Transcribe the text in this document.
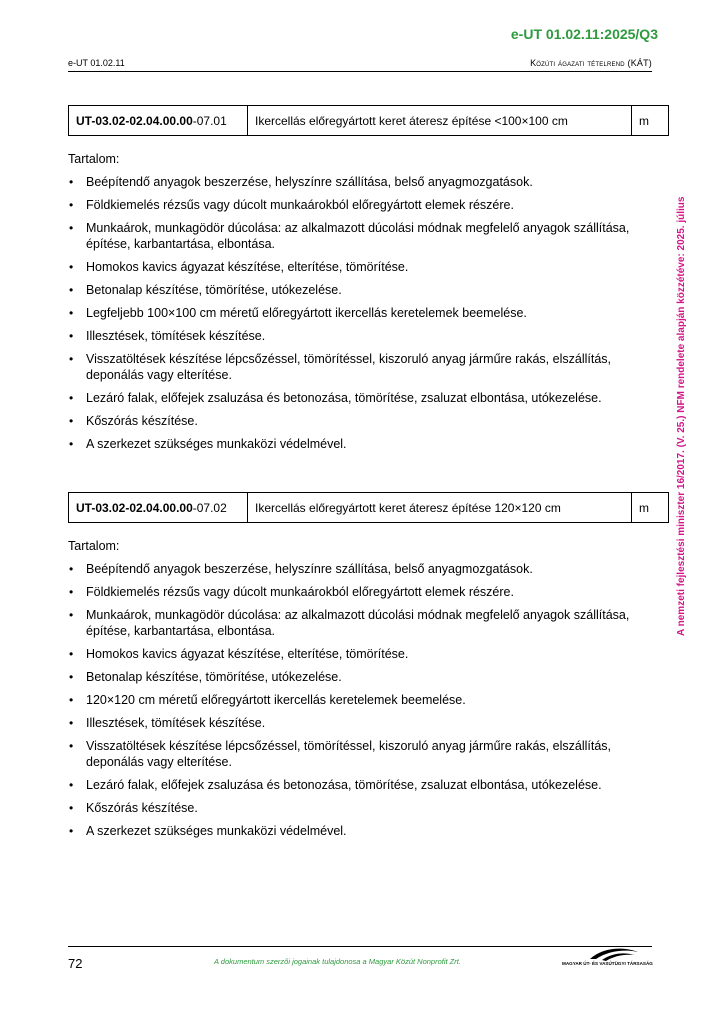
e-UT 01.02.11:2025/Q3
e-UT 01.02.11	Közúti ágazati tételrend (KÁT)
A nemzeti fejlesztési miniszter 16/2017. (V. 25.) NFM rendelete alapján közzétéve: 2025. július
UT-03.02-02.04.00.00-07.01	Ikercellás előregyártott keret áteresz építése <100×100 cm	m
Tartalom:
• Beépítendő anyagok beszerzése, helyszínre szállítása, belső anyagmozgatások.
• Földkiemelés rézsűs vagy dúcolt munkaárokból előregyártott elemek részére.
• Munkaárok, munkagödör dúcolása: az alkalmazott dúcolási módnak megfelelő anyagok szállítása, építése, karbantartása, elbontása.
• Homokos kavics ágyazat készítése, elterítése, tömörítése.
• Betonalap készítése, tömörítése, utókezelése.
• Legfeljebb 100×100 cm méretű előregyártott ikercellás keretelemek beemelése.
• Illesztések, tömítések készítése.
• Visszatöltések készítése lépcsőzéssel, tömörítéssel, kiszoruló anyag járműre rakás, elszállítás, deponálás vagy elterítése.
• Lezáró falak, előfejek zsaluzása és betonozása, tömörítése, zsaluzat elbontása, utókezelése.
• Kőszórás készítése.
• A szerkezet szükséges munkaközi védelmével.
UT-03.02-02.04.00.00-07.02	Ikercellás előregyártott keret áteresz építése 120×120 cm	m
Tartalom:
• Beépítendő anyagok beszerzése, helyszínre szállítása, belső anyagmozgatások.
• Földkiemelés rézsűs vagy dúcolt munkaárokból előregyártott elemek részére.
• Munkaárok, munkagödör dúcolása: az alkalmazott dúcolási módnak megfelelő anyagok szállítása, építése, karbantartása, elbontása.
• Homokos kavics ágyazat készítése, elterítése, tömörítése.
• Betonalap készítése, tömörítése, utókezelése.
• 120×120 cm méretű előregyártott ikercellás keretelemek beemelése.
• Illesztések, tömítések készítése.
• Visszatöltések készítése lépcsőzéssel, tömörítéssel, kiszoruló anyag járműre rakás, elszállítás, deponálás vagy elterítése.
• Lezáró falak, előfejek zsaluzása és betonozása, tömörítése, zsaluzat elbontása, utókezelése.
• Kőszórás készítése.
• A szerkezet szükséges munkaközi védelmével.
72	A dokumentum szerzői jogainak tulajdonosa a Magyar Közút Nonprofit Zrt.	MAGYAR ÚT- ÉS VASÚTÜGYI TÁRSASÁG
